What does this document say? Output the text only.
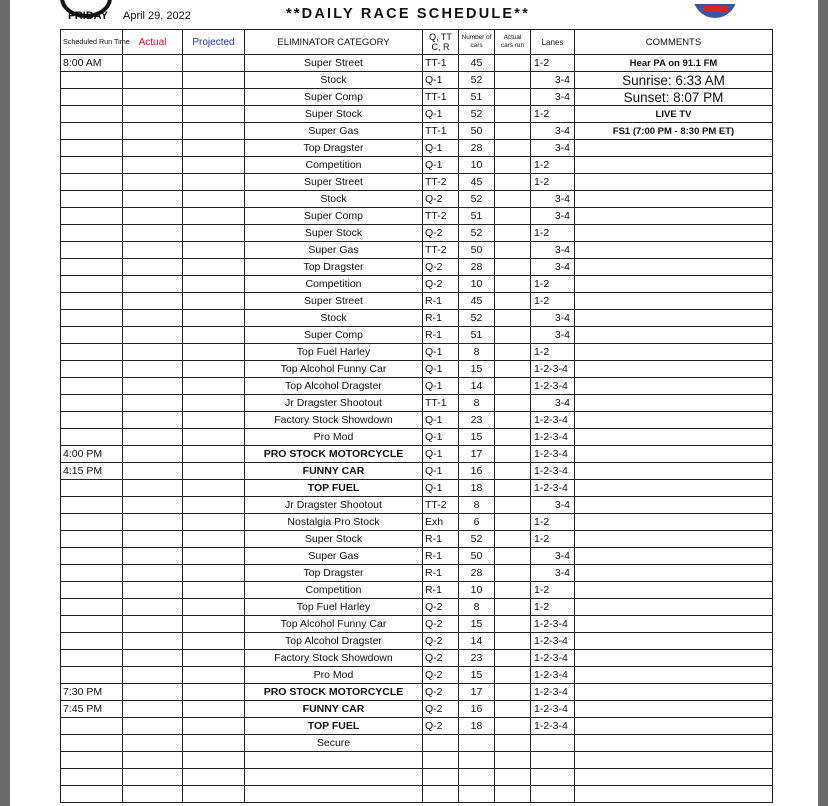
FRIDAY April 29, 2022	**DAILY RACE SCHEDULE**
Scheduled Run Time	Actual	Projected	ELIMINATOR CATEGORY	Q, TT C, R	Number of cars	Actual cars run	Lanes	COMMENTS
8:00 AM			Super Street	TT-1	45		1-2	Hear PA on 91.1 FM
			Stock	Q-1	52		3-4	Sunrise: 6:33 AM
			Super Comp	TT-1	51		3-4	Sunset: 8:07 PM
			Super Stock	Q-1	52		1-2	LIVE TV
			Super Gas	TT-1	50		3-4	FS1 (7:00 PM - 8:30 PM ET)
			Top Dragster	Q-1	28		3-4	
			Competition	Q-1	10		1-2	
			Super Street	TT-2	45		1-2	
			Stock	Q-2	52		3-4	
			Super Comp	TT-2	51		3-4	
			Super Stock	Q-2	52		1-2	
			Super Gas	TT-2	50		3-4	
			Top Dragster	Q-2	28		3-4	
			Competition	Q-2	10		1-2	
			Super Street	R-1	45		1-2	
			Stock	R-1	52		3-4	
			Super Comp	R-1	51		3-4	
			Top Fuel Harley	Q-1	8		1-2	
			Top Alcohol Funny Car	Q-1	15		1-2-3-4	
			Top Alcohol Dragster	Q-1	14		1-2-3-4	
			Jr Dragster Shootout	TT-1	8		3-4	
			Factory Stock Showdown	Q-1	23		1-2-3-4	
			Pro Mod	Q-1	15		1-2-3-4	
4:00 PM			PRO STOCK MOTORCYCLE	Q-1	17		1-2-3-4	
4:15 PM			FUNNY CAR	Q-1	16		1-2-3-4	
			TOP FUEL	Q-1	18		1-2-3-4	
			Jr Dragster Shootout	TT-2	8		3-4	
			Nostalgia Pro Stock	Exh	6		1-2	
			Super Stock	R-1	52		1-2	
			Super Gas	R-1	50		3-4	
			Top Dragster	R-1	28		3-4	
			Competition	R-1	10		1-2	
			Top Fuel Harley	Q-2	8		1-2	
			Top Alcohol Funny Car	Q-2	15		1-2-3-4	
			Top Alcohol Dragster	Q-2	14		1-2-3-4	
			Factory Stock Showdown	Q-2	23		1-2-3-4	
			Pro Mod	Q-2	15		1-2-3-4	
7:30 PM			PRO STOCK MOTORCYCLE	Q-2	17		1-2-3-4	
7:45 PM			FUNNY CAR	Q-2	16		1-2-3-4	
			TOP FUEL	Q-2	18		1-2-3-4	
			Secure					
